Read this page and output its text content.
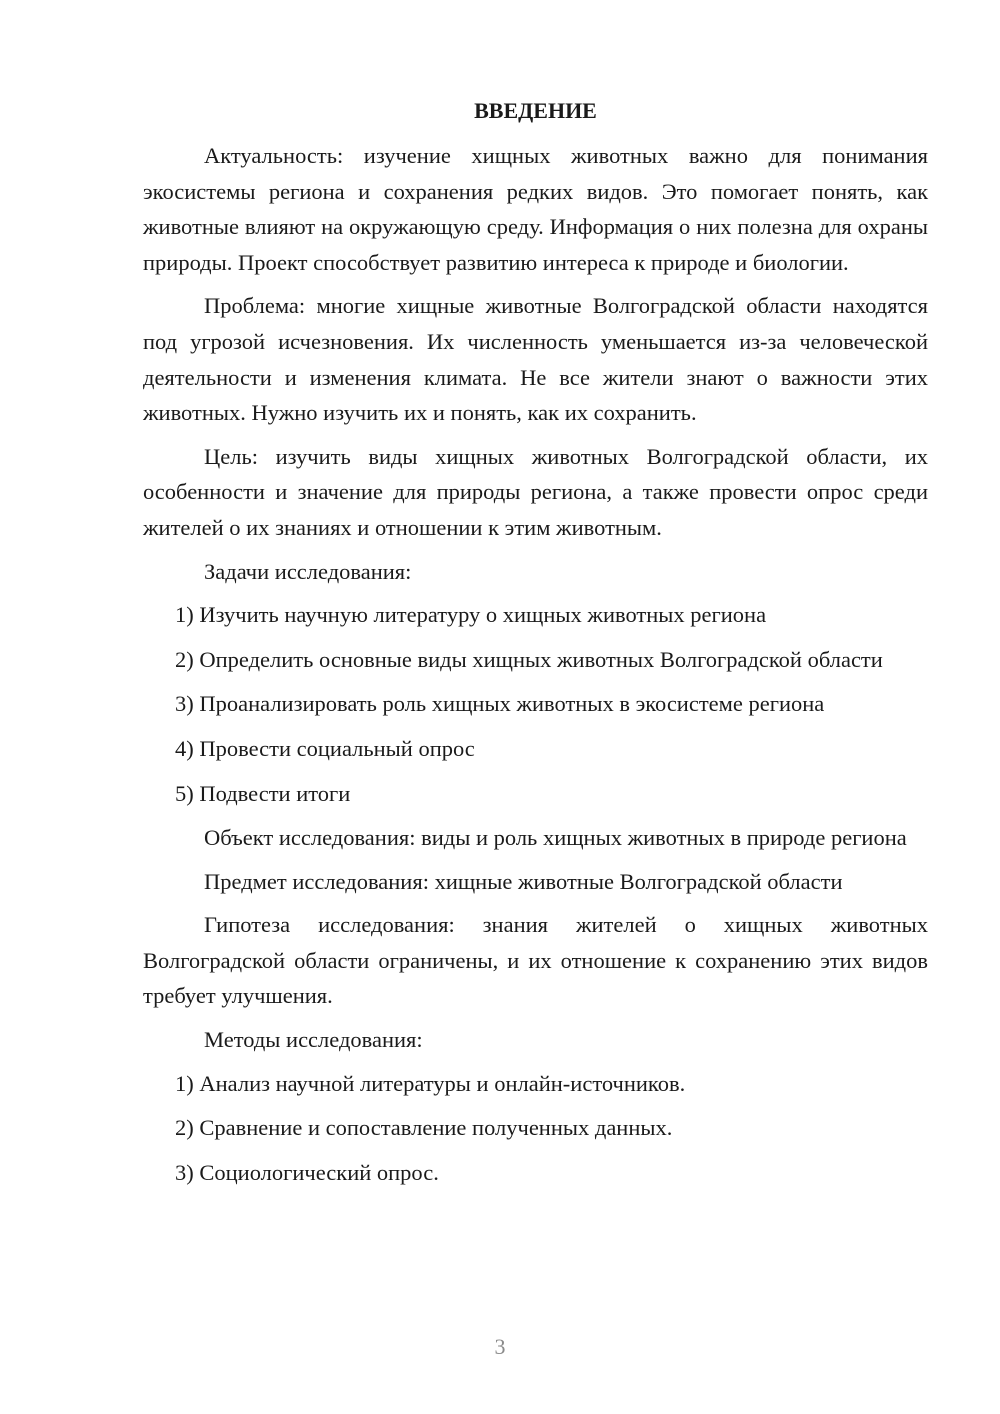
ВВЕДЕНИЕ
Актуальность: изучение хищных животных важно для понимания экосистемы региона и сохранения редких видов. Это помогает понять, как животные влияют на окружающую среду. Информация о них полезна для охраны природы. Проект способствует развитию интереса к природе и биологии.
Проблема: многие хищные животные Волгоградской области находятся под угрозой исчезновения. Их численность уменьшается из-за человеческой деятельности и изменения климата. Не все жители знают о важности этих животных. Нужно изучить их и понять, как их сохранить.
Цель: изучить виды хищных животных Волгоградской области, их особенности и значение для природы региона, а также провести опрос среди жителей о их знаниях и отношении к этим животным.
Задачи исследования:
1) Изучить научную литературу о хищных животных региона
2) Определить основные виды хищных животных Волгоградской области
3) Проанализировать роль хищных животных в экосистеме региона
4) Провести социальный опрос
5) Подвести итоги
Объект исследования: виды и роль хищных животных в природе региона
Предмет исследования: хищные животные Волгоградской области
Гипотеза исследования: знания жителей о хищных животных Волгоградской области ограничены, и их отношение к сохранению этих видов требует улучшения.
Методы исследования:
1) Анализ научной литературы и онлайн-источников.
2) Сравнение и сопоставление полученных данных.
3) Социологический опрос.
3
